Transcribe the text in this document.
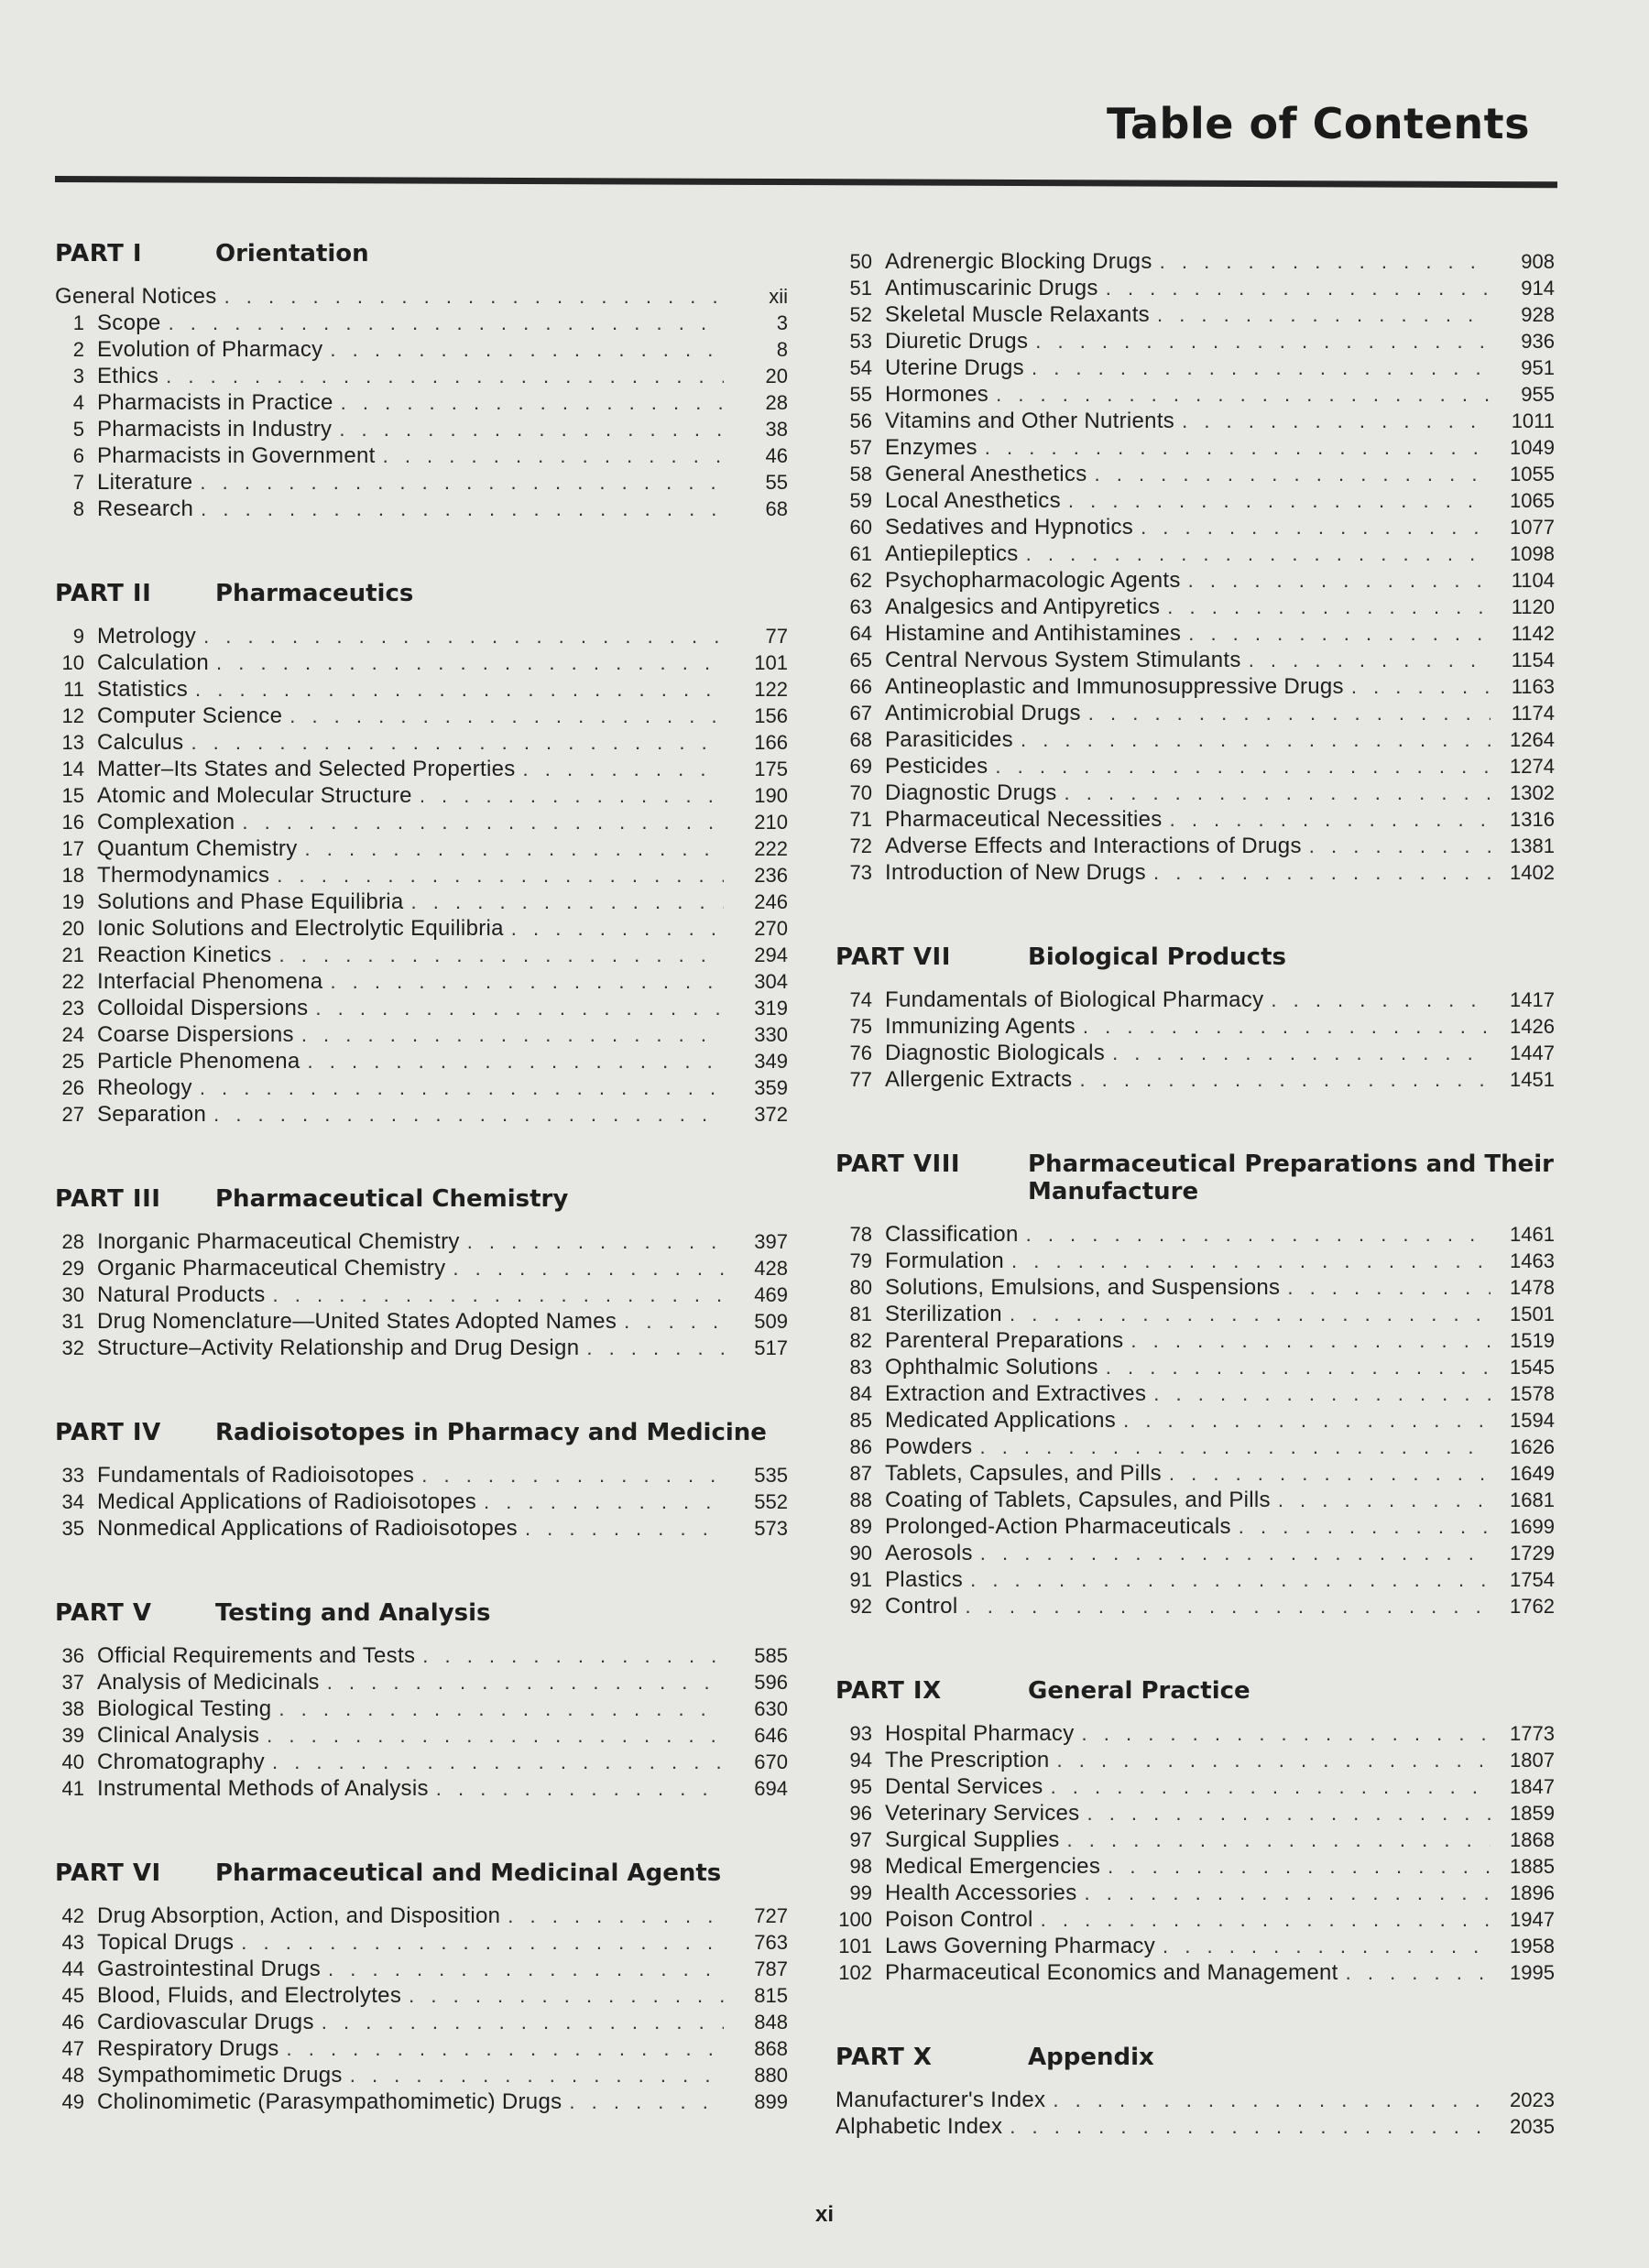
Table of Contents
PART I	Orientation
General Notices . . .	xii
1 Scope . . .	3
2 Evolution of Pharmacy . . .	8
3 Ethics . . .	20
4 Pharmacists in Practice . . .	28
5 Pharmacists in Industry . . .	38
6 Pharmacists in Government . . .	46
7 Literature . . .	55
8 Research . . .	68
PART II	Pharmaceutics
9 Metrology . . .	77
10 Calculation . . .	101
11 Statistics . . .	122
12 Computer Science . . .	156
13 Calculus . . .	166
14 Matter–Its States and Selected Properties . . .	175
15 Atomic and Molecular Structure . . .	190
16 Complexation . . .	210
17 Quantum Chemistry . . .	222
18 Thermodynamics . . .	236
19 Solutions and Phase Equilibria . . .	246
20 Ionic Solutions and Electrolytic Equilibria . . .	270
21 Reaction Kinetics . . .	294
22 Interfacial Phenomena . . .	304
23 Colloidal Dispersions . . .	319
24 Coarse Dispersions . . .	330
25 Particle Phenomena . . .	349
26 Rheology . . .	359
27 Separation . . .	372
PART III	Pharmaceutical Chemistry
28 Inorganic Pharmaceutical Chemistry . . .	397
29 Organic Pharmaceutical Chemistry . . .	428
30 Natural Products . . .	469
31 Drug Nomenclature—United States Adopted Names . . .	509
32 Structure–Activity Relationship and Drug Design . . .	517
PART IV	Radioisotopes in Pharmacy and Medicine
33 Fundamentals of Radioisotopes . . .	535
34 Medical Applications of Radioisotopes . . .	552
35 Nonmedical Applications of Radioisotopes . . .	573
PART V	Testing and Analysis
36 Official Requirements and Tests . . .	585
37 Analysis of Medicinals . . .	596
38 Biological Testing . . .	630
39 Clinical Analysis . . .	646
40 Chromatography . . .	670
41 Instrumental Methods of Analysis . . .	694
PART VI	Pharmaceutical and Medicinal Agents
42 Drug Absorption, Action, and Disposition . . .	727
43 Topical Drugs . . .	763
44 Gastrointestinal Drugs . . .	787
45 Blood, Fluids, and Electrolytes . . .	815
46 Cardiovascular Drugs . . .	848
47 Respiratory Drugs . . .	868
48 Sympathomimetic Drugs . . .	880
49 Cholinomimetic (Parasympathomimetic) Drugs . . .	899
50 Adrenergic Blocking Drugs . . .	908
51 Antimuscarinic Drugs . . .	914
52 Skeletal Muscle Relaxants . . .	928
53 Diuretic Drugs . . .	936
54 Uterine Drugs . . .	951
55 Hormones . . .	955
56 Vitamins and Other Nutrients . . .	1011
57 Enzymes . . .	1049
58 General Anesthetics . . .	1055
59 Local Anesthetics . . .	1065
60 Sedatives and Hypnotics . . .	1077
61 Antiepileptics . . .	1098
62 Psychopharmacologic Agents . . .	1104
63 Analgesics and Antipyretics . . .	1120
64 Histamine and Antihistamines . . .	1142
65 Central Nervous System Stimulants . . .	1154
66 Antineoplastic and Immunosuppressive Drugs . . .	1163
67 Antimicrobial Drugs . . .	1174
68 Parasiticides . . .	1264
69 Pesticides . . .	1274
70 Diagnostic Drugs . . .	1302
71 Pharmaceutical Necessities . . .	1316
72 Adverse Effects and Interactions of Drugs . . .	1381
73 Introduction of New Drugs . . .	1402
PART VII	Biological Products
74 Fundamentals of Biological Pharmacy . . .	1417
75 Immunizing Agents . . .	1426
76 Diagnostic Biologicals . . .	1447
77 Allergenic Extracts . . .	1451
PART VIII	Pharmaceutical Preparations and Their Manufacture
78 Classification . . .	1461
79 Formulation . . .	1463
80 Solutions, Emulsions, and Suspensions . . .	1478
81 Sterilization . . .	1501
82 Parenteral Preparations . . .	1519
83 Ophthalmic Solutions . . .	1545
84 Extraction and Extractives . . .	1578
85 Medicated Applications . . .	1594
86 Powders . . .	1626
87 Tablets, Capsules, and Pills . . .	1649
88 Coating of Tablets, Capsules, and Pills . . .	1681
89 Prolonged-Action Pharmaceuticals . . .	1699
90 Aerosols . . .	1729
91 Plastics . . .	1754
92 Control . . .	1762
PART IX	General Practice
93 Hospital Pharmacy . . .	1773
94 The Prescription . . .	1807
95 Dental Services . . .	1847
96 Veterinary Services . . .	1859
97 Surgical Supplies . . .	1868
98 Medical Emergencies . . .	1885
99 Health Accessories . . .	1896
100 Poison Control . . .	1947
101 Laws Governing Pharmacy . . .	1958
102 Pharmaceutical Economics and Management . . .	1995
PART X	Appendix
Manufacturer's Index . . .	2023
Alphabetic Index . . .	2035
xi
